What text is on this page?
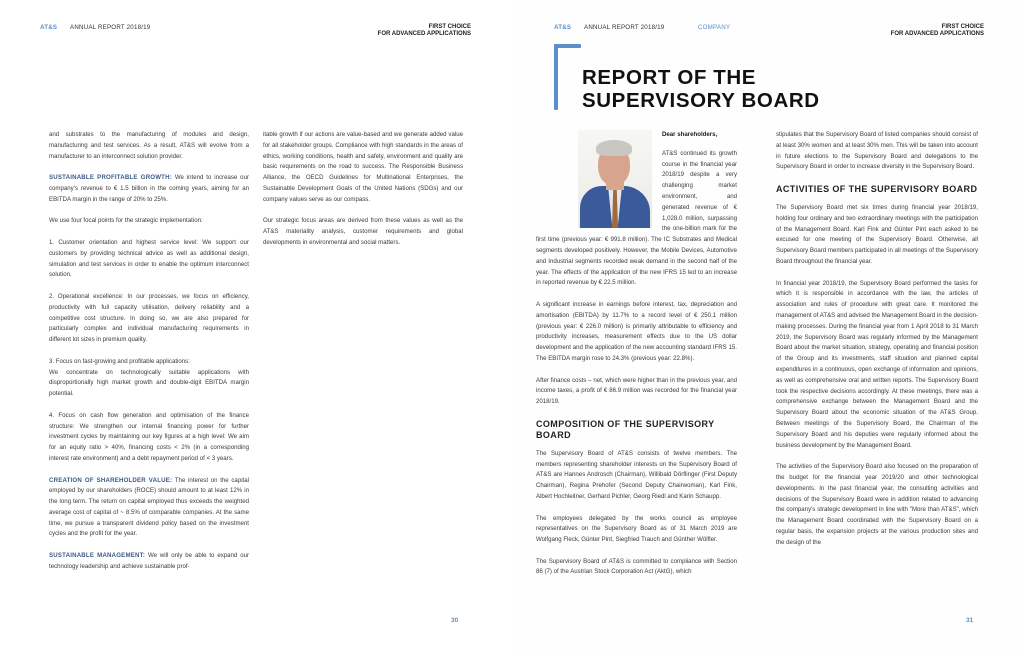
AT&S ANNUAL REPORT 2018/19	FIRST CHOICE
FOR ADVANCED APPLICATIONS

and substrates to the manufacturing of modules and design, manufacturing and test services. As a result, AT&S will evolve from a manufacturer to an interconnect solution provider.

SUSTAINABLE PROFITABLE GROWTH: We intend to increase our company's revenue to € 1.5 billion in the coming years, aiming for an EBITDA margin in the range of 20% to 25%.

We use four focal points for the strategic implementation:

1. Customer orientation and highest service level: We support our customers by providing technical advice as well as additional design, simulation and test services in order to enable the optimum interconnect solution.

2. Operational excellence: In our processes, we focus on efficiency, productivity with full capacity utilisation, delivery reliability and a competitive cost structure. In doing so, we are also prepared for particularly complex and individual manufacturing requirements in different lot sizes in premium quality.

3. Focus on fast-growing and profitable applications:
We concentrate on technologically suitable applications with disproportionally high market growth and double-digit EBITDA margin potential.

4. Focus on cash flow generation and optimisation of the finance structure: We strengthen our internal financing power for further investment cycles by maintaining our key figures at a high level: We aim for an equity ratio > 40%, financing costs < 2% (in a corresponding interest rate environment) and a debt repayment period of < 3 years.

CREATION OF SHAREHOLDER VALUE: The interest on the capital employed by our shareholders (ROCE) should amount to at least 12% in the long term. The return on capital employed thus exceeds the weighted average cost of capital of ~ 8.5% of comparable companies. At the same time, we pursue a transparent dividend policy based on the investment cycles and the profit for the year.

SUSTAINABLE MANAGEMENT: We will only be able to expand our technology leadership and achieve sustainable prof-

itable growth if our actions are value-based and we generate added value for all stakeholder groups. Compliance with high standards in the areas of ethics, working conditions, health and safety, environment and quality are basic requirements on the road to success. The Responsible Business Alliance, the OECD Guidelines for Multinational Enterprises, the Sustainable Development Goals of the United Nations (SDGs) and our company values serve as our compass.

Our strategic focus areas are derived from these values as well as the AT&S materiality analysis, customer requirements and global developments in environmental and social matters.

30
AT&S ANNUAL REPORT 2018/19	COMPANY	FIRST CHOICE
FOR ADVANCED APPLICATIONS
REPORT OF THE
SUPERVISORY BOARD

Dear shareholders,

AT&S continued its growth course in the financial year 2018/19 despite a very challenging market environment, and generated revenue of € 1,028.0 million, surpassing the one-billion mark for the first time (previous year: € 991.8 million). The IC Substrates and Medical segments developed positively. However, the Mobile Devices, Automotive and Industrial segments recorded weak demand in the second half of the year. The effects of the application of the new IFRS 15 led to an increase in reported revenue by € 22.5 million.

A significant increase in earnings before interest, tax, depreciation and amortisation (EBITDA) by 11.7% to a record level of € 250.1 million (previous year: € 226.0 million) is primarily attributable to efficiency and productivity increases, measurement effects due to the US dollar development and the application of the new accounting standard IFRS 15. The EBITDA margin rose to 24.3% (previous year: 22.8%).

After finance costs – net, which were higher than in the previous year, and income taxes, a profit of € 86.9 million was recorded for the financial year 2018/19.

COMPOSITION OF THE SUPERVISORY BOARD

The Supervisory Board of AT&S consists of twelve members. The members representing shareholder interests on the Supervisory Board of AT&S are Hannes Androsch (Chairman), Willibald Dörflinger (First Deputy Chairman), Regina Prehofer (Second Deputy Chairwoman), Karl Fink, Albert Hochleitner, Gerhard Pichler, Georg Riedl and Karin Schaupp.

The employees delegated by the works council as employee representatives on the Supervisory Board as of 31 March 2019 are Wolfgang Fleck, Günter Pint, Siegfried Trauch and Günther Wölfler.

The Supervisory Board of AT&S is committed to compliance with Section 86 (7) of the Austrian Stock Corporation Act (AktG), which

stipulates that the Supervisory Board of listed companies should consist of at least 30% women and at least 30% men. This will be taken into account in future elections to the Supervisory Board and delegations to the Supervisory Board in order to increase diversity in the Supervisory Board.

ACTIVITIES OF THE SUPERVISORY BOARD

The Supervisory Board met six times during financial year 2018/19, holding four ordinary and two extraordinary meetings with the participation of the Management Board. Karl Fink and Günter Pint each asked to be excused for one meeting of the Supervisory Board. Otherwise, all Supervisory Board members participated in all meetings of the Supervisory Board throughout the financial year.

In financial year 2018/19, the Supervisory Board performed the tasks for which it is responsible in accordance with the law, the articles of association and rules of procedure with great care. It monitored the management of AT&S and advised the Management Board in the decision-making processes. During the financial year from 1 April 2018 to 31 March 2019, the Supervisory Board was regularly informed by the Management Board about the market situation, strategy, operating and financial position of the Group and its investments, staff situation and planned capital expenditures in a continuous, open exchange of information and opinions, as well as comprehensive oral and written reports. The Supervisory Board took the respective decisions accordingly. At these meetings, there was a comprehensive exchange between the Management Board and the Supervisory Board about the economic situation of the AT&S Group. Between meetings of the Supervisory Board, the Chairman of the Supervisory Board and his deputies were regularly informed about the business development by the Management Board.

The activities of the Supervisory Board also focused on the preparation of the budget for the financial year 2019/20 and other technological developments. In the past financial year, the consulting activities and decisions of the Supervisory Board were in addition related to advancing the company's strategic development in line with "More than AT&S", which the Management Board coordinated with the Supervisory Board on a regular basis, the expansion projects at the various production sites and the design of the

31
